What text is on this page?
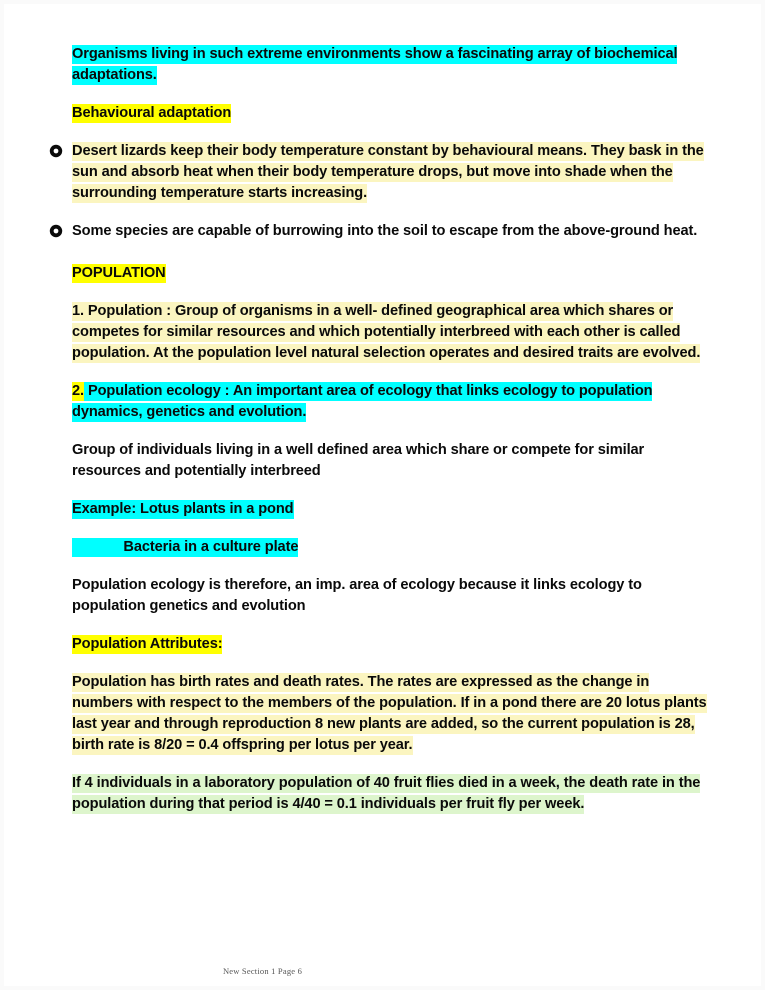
Organisms living in such extreme environments show a fascinating array of biochemical adaptations.

Behavioural adaptation

Desert lizards keep their body temperature constant by behavioural means. They bask in the sun and absorb heat when their body temperature drops, but move into shade when the surrounding temperature starts increasing.
Some species are capable of burrowing into the soil to escape from the above-ground heat.

POPULATION

1. Population : Group of organisms in a well- defined geographical area which shares or competes for similar resources and which potentially interbreed with each other is called population. At the population level natural selection operates and desired traits are evolved.

2. Population ecology : An important area of ecology that links ecology to population dynamics, genetics and evolution.

Group of individuals living in a well defined area which share or compete for similar resources and potentially interbreed

Example: Lotus plants in a pond

Bacteria in a culture plate

Population ecology is therefore, an imp. area of ecology because it links ecology to population genetics and evolution

Population Attributes:

Population has birth rates and death rates. The rates are expressed as the change in numbers with respect to the members of the population. If in a pond there are 20 lotus plants last year and through reproduction 8 new plants are added, so the current population is 28, birth rate is 8/20 = 0.4 offspring per lotus per year.

If 4 individuals in a laboratory population of 40 fruit flies died in a week, the death rate in the population during that period is 4/40 = 0.1 individuals per fruit fly per week.

New Section 1 Page 6
